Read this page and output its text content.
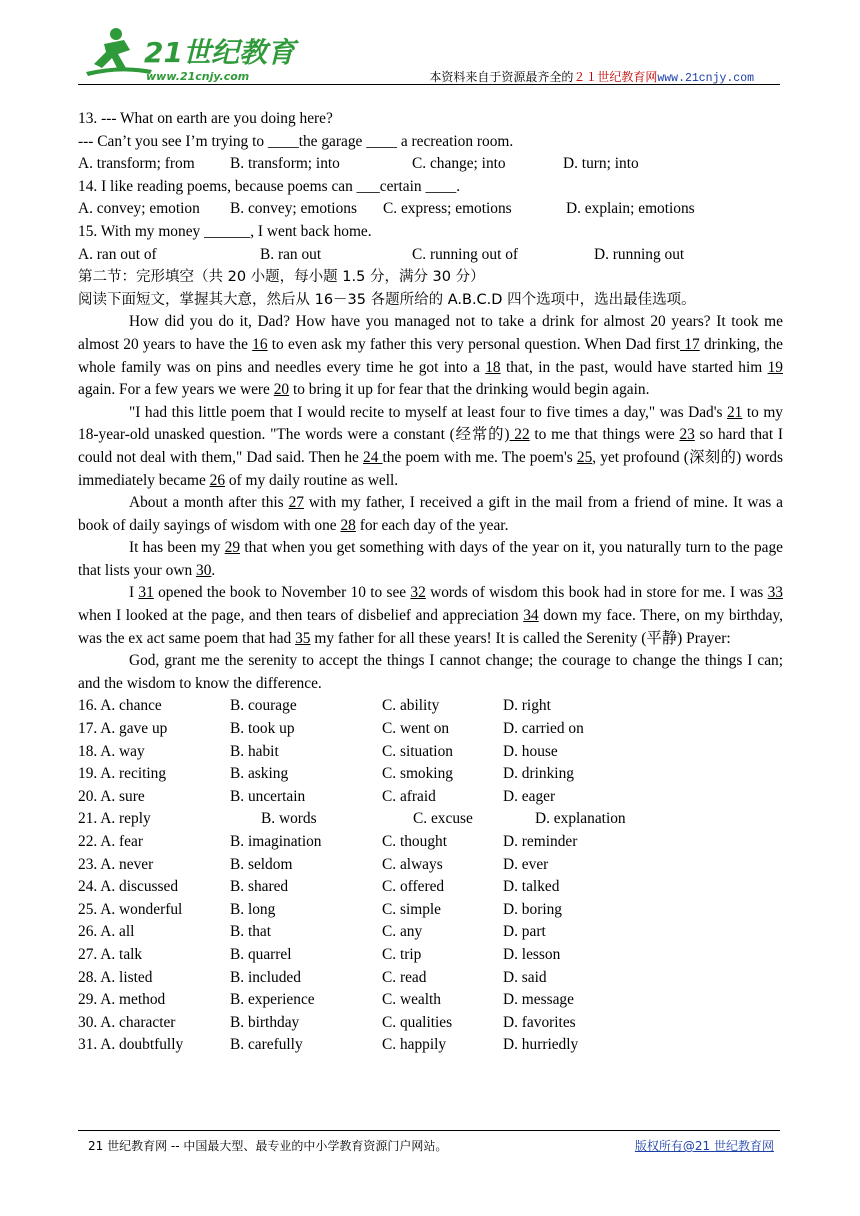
21世纪教育
www.21cnjy.com	本资料来自于资源最齐全的２１世纪教育网www.21cnjy.com
13. --- What on earth are you doing here?
--- Can’t you see I’m trying to ____the garage ____ a recreation room.
A. transform; from	B. transform; into	C. change; into	D. turn; into
14. I like reading poems, because poems can ___certain ____.
A. convey; emotion	B. convey; emotions	C. express; emotions	D. explain; emotions
15. With my money ______, I went back home.
A. ran out of	B. ran out	C. running out of	D. running out
第二节：完形填空（共 20 小题，每小题 1.5 分，满分 30 分）
阅读下面短文，掌握其大意，然后从 16－35 各题所给的 A.B.C.D 四个选项中，选出最佳选项。
How did you do it, Dad? How have you managed not to take a drink for almost 20 years? It took me almost 20 years to have the 16 to even ask my father this very personal question. When Dad first 17 drinking, the whole family was on pins and needles every time he got into a 18 that, in the past, would have started him 19 again. For a few years we were 20 to bring it up for fear that the drinking would begin again.
"I had this little poem that I would recite to myself at least four to five times a day," was Dad's 21 to my 18-year-old unasked question. "The words were a constant (经常的) 22 to me that things were 23 so hard that I could not deal with them," Dad said. Then he 24 the poem with me. The poem's 25, yet profound (深刻的) words immediately became 26 of my daily routine as well.
About a month after this 27 with my father, I received a gift in the mail from a friend of mine. It was a book of daily sayings of wisdom with one 28 for each day of the year.
It has been my 29 that when you get something with days of the year on it, you naturally turn to the page that lists your own 30.
I 31 opened the book to November 10 to see 32 words of wisdom this book had in store for me. I was 33 when I looked at the page, and then tears of disbelief and appreciation 34 down my face. There, on my birthday, was the ex act same poem that had 35 my father for all these years! It is called the Serenity (平静) Prayer:
God, grant me the serenity to accept the things I cannot change; the courage to change the things I can; and the wisdom to know the difference.
16. A. chance	B. courage	C. ability	D. right
17. A. gave up	B. took up	C. went on	D. carried on
18. A. way	B. habit	C. situation	D. house
19. A. reciting	B. asking	C. smoking	D. drinking
20. A. sure	B. uncertain	C. afraid	D. eager
21. A. reply	B. words	C. excuse	D. explanation
22. A. fear	B. imagination	C. thought	D. reminder
23. A. never	B. seldom	C. always	D. ever
24. A. discussed	B. shared	C. offered	D. talked
25. A. wonderful	B. long	C. simple	D. boring
26. A. all	B. that	C. any	D. part
27. A. talk	B. quarrel	C. trip	D. lesson
28. A. listed	B. included	C. read	D. said
29. A. method	B. experience	C. wealth	D. message
30. A. character	B. birthday	C. qualities	D. favorites
31. A. doubtfully	B. carefully	C. happily	D. hurriedly
21 世纪教育网 -- 中国最大型、最专业的中小学教育资源门户网站。	版权所有@21 世纪教育网
